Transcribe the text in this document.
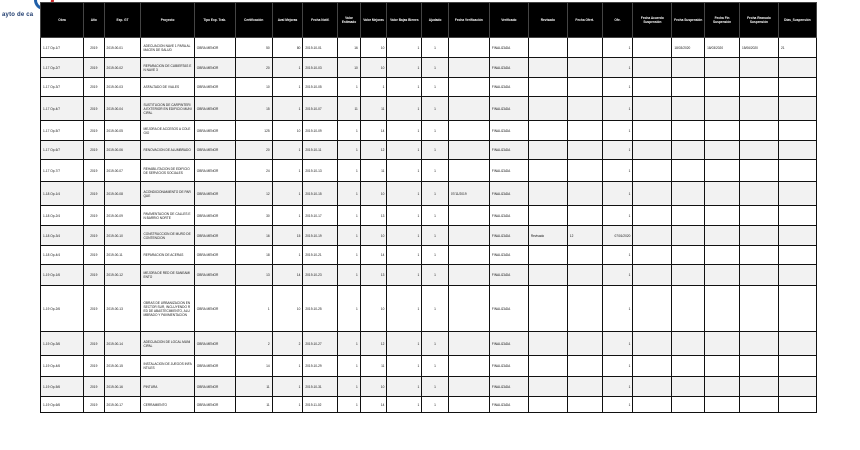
ayto de ca
Obra	Año	Exp. GT	Proyecto	Tipo Exp. Trab.	Certificación	Aval Mejoras	Fecha Notif.	Valor Estimado	Valor Mejoras	Valor Bajas Bienes	Ajudado	Fecha Verificación	Verificado	Revisado	Fecha Ofert.	Ofe.	Fecha Acuerdo Suspensión	Fecha Suspensión	Fecha Fin Suspensión	Fecha Reanudo Suspensión	Días_Suspensión
1-17 Op-1/7	2019	2019-00-01	ADECUACION NAVE 1 PARA ALMACEN DE SALUD	OBRA MENOR	50	80	2019-10-01	16	10	1	1		FINALIZADA			1		18/03/2020	18/03/2020	15/06/2020	21
1-17 Op-2/7	2019	2019-00-02	REPARACION DE CUBIERTAS EN NAVE 3	OBRA MENOR	20	1	2019-10-03	10	10	1	1		FINALIZADA			1					
1-17 Op-3/7	2019	2019-00-03	ASFALTADO DE VIALES	OBRA MENOR	10	1	2019-10-05	1	1	1	1		FINALIZADA			1					
1-17 Op-4/7	2019	2019-00-04	SUSTITUCION DE CARPINTERIA EXTERIOR EN EDIFICIO MUNICIPAL	OBRA MENOR	15	1	2019-10-07	11	11	1	1		FINALIZADA			1					
1-17 Op-5/7	2019	2019-00-05	MEJORA DE ACCESOS A COLEGIO	OBRA MENOR	125	10	2019-10-09	1	14	1	1		FINALIZADA			1					
1-17 Op-6/7	2019	2019-00-06	RENOVACION DE ALUMBRADO	OBRA MENOR	20	1	2019-10-11	1	12	1	1		FINALIZADA			1					
1-17 Op-7/7	2019	2019-00-07	REHABILITACION DE EDIFICIO DE SERVICIOS SOCIALES	OBRA MENOR	24	1	2019-10-13	1	11	1	1		FINALIZADA			1					
1-18 Op-1/4	2019	2019-00-08	ACONDICIONAMIENTO DE PARQUE	OBRA MENOR	12	1	2019-10-15	1	10	1	1	07/11/2019	FINALIZADA			1					
1-18 Op-2/4	2019	2019-00-09	PAVIMENTACION DE CALLES EN BARRIO NORTE	OBRA MENOR	30	1	2019-10-17	1	13	1	1		FINALIZADA			1					
1-18 Op-3/4	2019	2019-00-10	CONSTRUCCION DE MURO DE CONTENCION	OBRA MENOR	16	15	2019-10-19	1	10	1	1		FINALIZADA	Revisado	12	07/01/2020					
1-18 Op-4/4	2019	2019-00-11	REPARACION DE ACERAS	OBRA MENOR	18	1	2019-10-21	1	14	1	1		FINALIZADA			1					
1-19 Op-1/6	2019	2019-00-12	MEJORA DE RED DE SANEAMIENTO	OBRA MENOR	13	14	2019-10-23	1	13	1	1		FINALIZADA			1					
1-19 Op-2/6	2019	2019-00-13	OBRAS DE URBANIZACION EN SECTOR SUR, INCLUYENDO RED DE ABASTECIMIENTO, ALUMBRADO Y PAVIMENTACION	OBRA MENOR	1	10	2019-10-25	1	10	1	1		FINALIZADA			1					
1-19 Op-3/6	2019	2019-00-14	ADECUACION DE LOCAL MUNICIPAL	OBRA MENOR	2	2	2019-10-27	1	12	1	1		FINALIZADA			1					
1-19 Op-4/6	2019	2019-00-15	INSTALACION DE JUEGOS INFANTILES	OBRA MENOR	14	1	2019-10-29	1	11	1	1		FINALIZADA			1					
1-19 Op-5/6	2019	2019-00-16	PINTURA	OBRA MENOR	11	1	2019-10-31	1	10	1	1		FINALIZADA			1					
1-19 Op-6/6	2019	2019-00-17	CERRAMIENTO	OBRA MENOR	11	1	2019-11-02	1	14	1	1		FINALIZADA			1					
